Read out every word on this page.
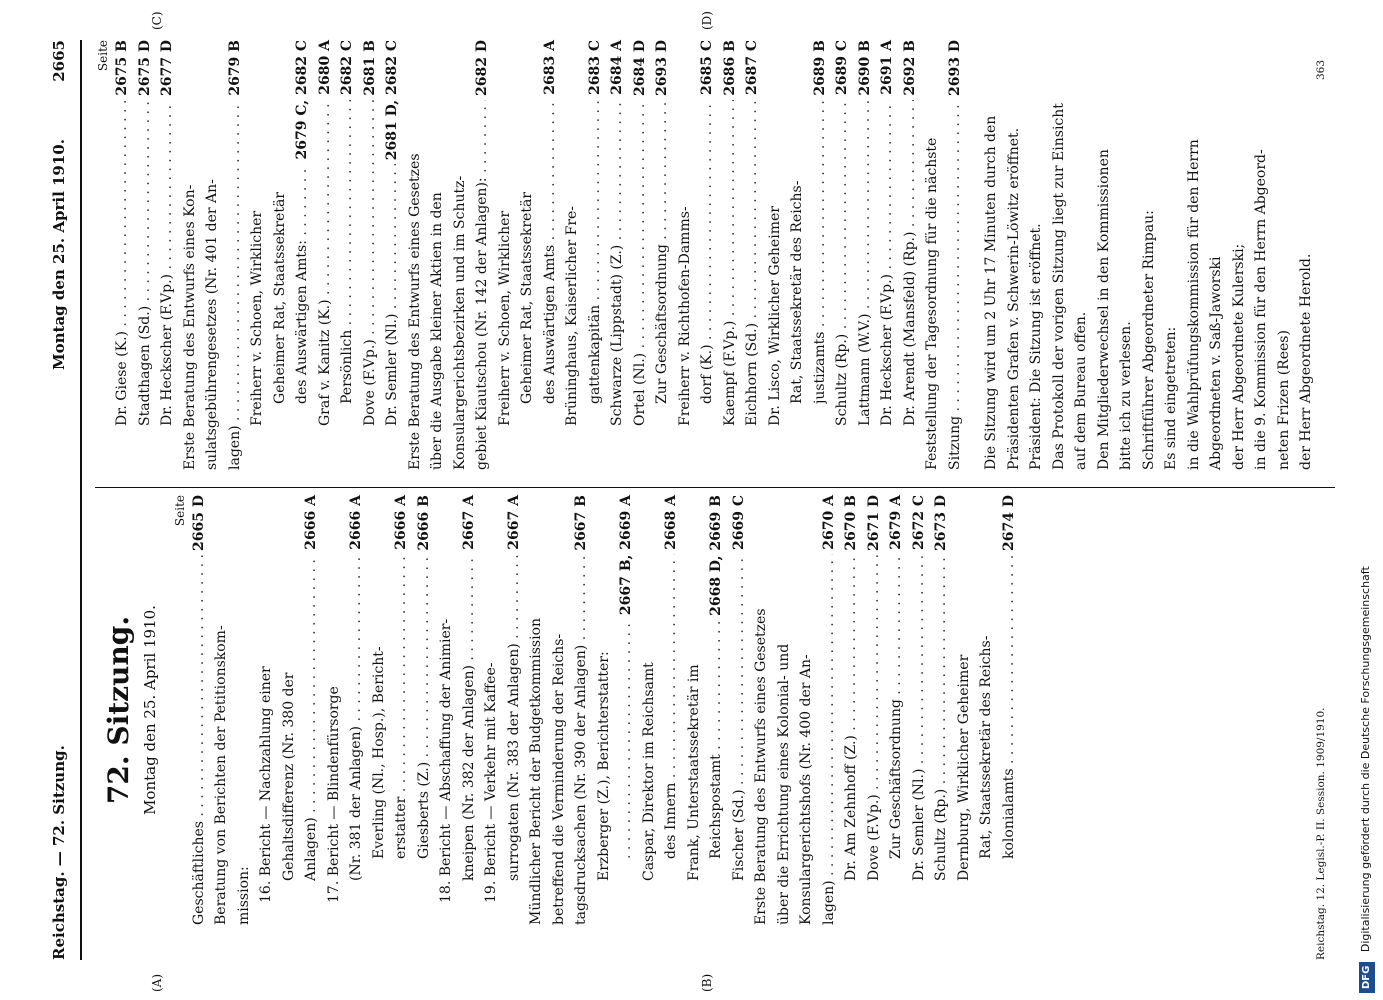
Reichstag. — 72. Sitzung.
Montag den 25. April 1910.
2665
(A)	(B)
(C)	(D)
72. Sitzung. Montag den 25. April 1910.
Seite
Geschäftliches . . .
2665 D
Beratung von Berichten der Petitionskom- mission: 16. Bericht — Nachzahlung einer Gehaltsdifferenz (Nr. 380 der Anlagen) . . .
2666 A
17. Bericht — Blindenfürsorge (Nr. 381 der Anlagen) . . .
2666 A
Everling (Nl., Hosp.), Bericht- erstatter . . .
2666 A
Giesberts (Z.) . . .
2666 B
18. Bericht — Abschaffung der Animier- kneipen (Nr. 382 der Anlagen) . . .
2667 A
19. Bericht — Verkehr mit Kaffee- surrogaten (Nr. 383 der Anlagen) . . .
2667 A
Mündlicher Bericht der Budgetkommission betreffend die Verminderung der Reichs- tagsdrucksachen (Nr. 390 der Anlagen) . . .
2667 B
Erzberger (Z.), Berichterstatter:
. . .
2667 B, 2669 A
Caspar, Direktor im Reichsamt des Innern . . .
2668 A
Frank, Unterstaatssekretär im Reichspostamt . . .
2668 D, 2669 B
Fischer (Sd.) . . .
2669 C
Erste Beratung des Entwurfs eines Gesetzes über die Errichtung eines Kolonial- und Konsulargerichtshofs (Nr. 400 der An- lagen) . . .
2670 A
Dr. Am Zehnhoff (Z.) . . .
2670 B
Dove (F.Vp.) . . .
2671 D
Zur Geschäftsordnung . . .
2679 A
Dr. Semler (Nl.) . . .
2672 C
Schultz (Rp.) . . .
2673 D
Dernburg, Wirklicher Geheimer Rat, Staatssekretär des Reichs- kolonialamts . . .
2674 D
Seite
Dr. Giese (K.) . . .
2675 B
Stadthagen (Sd.) . . .
2675 D
Dr. Heckscher (F.Vp.) . . .
2677 D
Erste Beratung des Entwurfs eines Kon- sulatsgebührengesetzes (Nr. 401 der An- lagen) . . .
2679 B
Freiherr v. Schoen, Wirklicher Geheimer Rat, Staatssekretär des Auswärtigen Amts: . . .
2679 C, 2682 C
Graf v. Kanitz (K.) . . .
2680 A
Persönlich . . .
2682 C
Dove (F.Vp.) . . .
2681 B
Dr. Semler (Nl.) . . .
2681 D, 2682 C
Erste Beratung des Entwurfs eines Gesetzes über die Ausgabe kleiner Aktien in den Konsulargerichtsbezirken und im Schutz- gebiet Kiautschou (Nr. 142 der Anlagen): . . .
2682 D
Freiherr v. Schoen, Wirklicher Geheimer Rat, Staatssekretär des Auswärtigen Amts . . .
2683 A
Brüninghaus, Kaiserlicher Fre- gattenkapitän . . .
2683 C
Schwarze (Lippstadt) (Z.) . . .
2684 A
Ortel (Nl.) . . .
2684 D
Zur Geschäftsordnung . . .
2693 D
Freiherr v. Richthofen-Damms- dorf (K.) . . .
2685 C
Kaempf (F.Vp.) . . .
2686 B
Eichhorn (Sd.) . . .
2687 C
Dr. Lisco, Wirklicher Geheimer Rat, Staatssekretär des Reichs- justizamts . . .
2689 B
Schultz (Rp.) . . .
2689 C
Lattmann (W.V.) . . .
2690 B
Dr. Heckscher (F.Vp.) . . .
2691 A
Dr. Arendt (Mansfeld) (Rp.) . . .
2692 B
Feststellung der Tagesordnung für die nächste Sitzung . . .
2693 D

Die Sitzung wird um 2 Uhr 17 Minuten durch den Präsidenten Grafen v. Schwerin-Löwitz eröffnet. Präsident: Die Sitzung ist eröffnet. Das Protokoll der vorigen Sitzung liegt zur Einsicht auf dem Bureau offen. Den Mitgliederwechsel in den Kommissionen bitte ich zu verlesen. Schriftführer Abgeordneter Rimpau: Es sind eingetreten: in die Wahlprüfungskommission für den Herrn Abgeordneten v. Saß-Jaworski der Herr Abgeordnete Kulerski; in die 9. Kommission für den Herrn Abgeord- neten Frizen (Rees) der Herr Abgeordnete Herold.

Reichstag. 12. Legisl.-P. II. Session. 1909/1910.
363
DFG Digitalisierung gefördert durch die Deutsche Forschungsgemeinschaft
